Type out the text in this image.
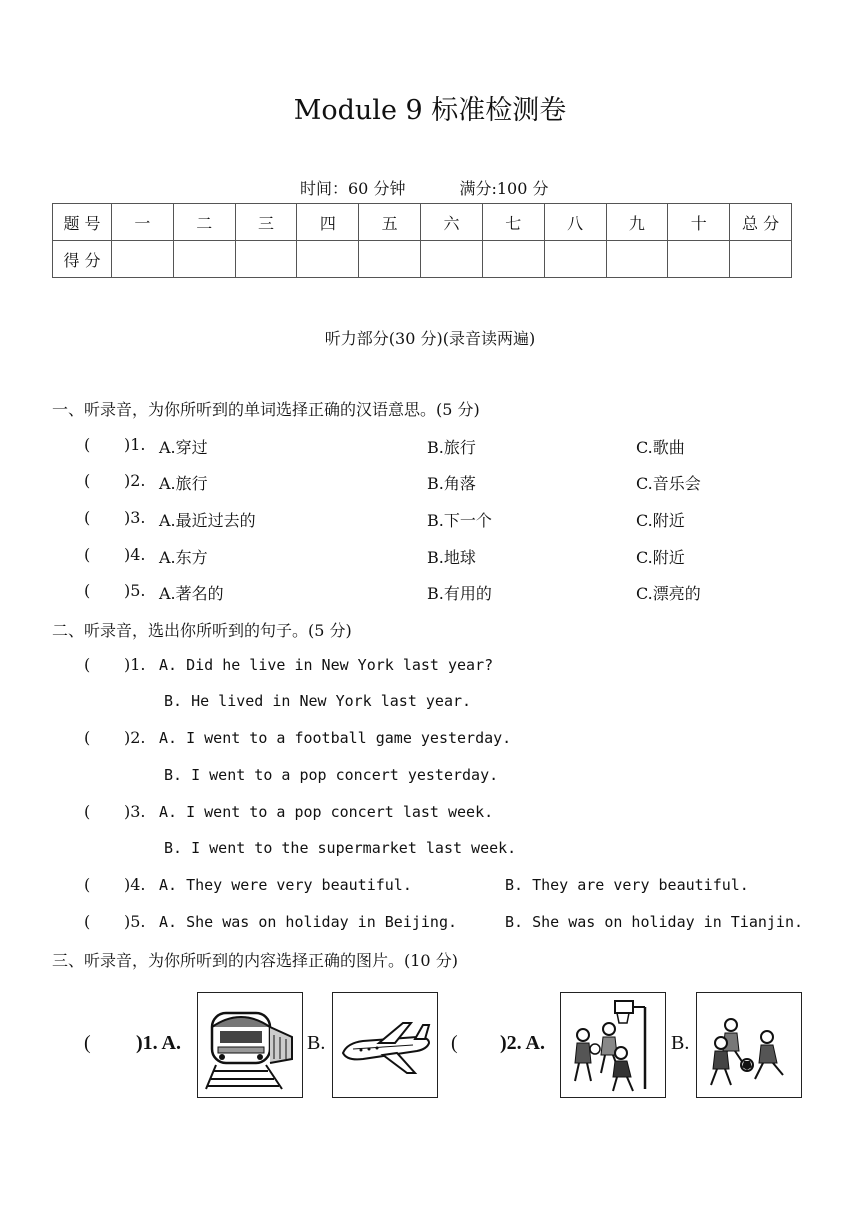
Module 9 标准检测卷
时间：60 分钟	满分:100 分
题 号	一	二	三	四	五	六	七	八	九	十	总 分
得 分											
听力部分(30 分)(录音读两遍)
一、听录音，为你所听到的单词选择正确的汉语意思。(5 分)
( )1. A.穿过	B.旅行	C.歌曲
( )2. A.旅行	B.角落	C.音乐会
( )3. A.最近过去的	B.下一个	C.附近
( )4. A.东方	B.地球	C.附近
( )5. A.著名的	B.有用的	C.漂亮的
二、听录音，选出你所听到的句子。(5 分)
( )1. A. Did he live in New York last year?
B. He lived in New York last year.
( )2. A. I went to a football game yesterday.
B. I went to a pop concert yesterday.
( )3. A. I went to a pop concert last week.
B. I went to the supermarket last week.
( )4. A. They were very beautiful.	B. They are very beautiful.
( )5. A. She was on holiday in Beijing.	B. She was on holiday in Tianjin.
三、听录音，为你所听到的内容选择正确的图片。(10 分)
( )1. A.	B.	( )2. A.	B.
